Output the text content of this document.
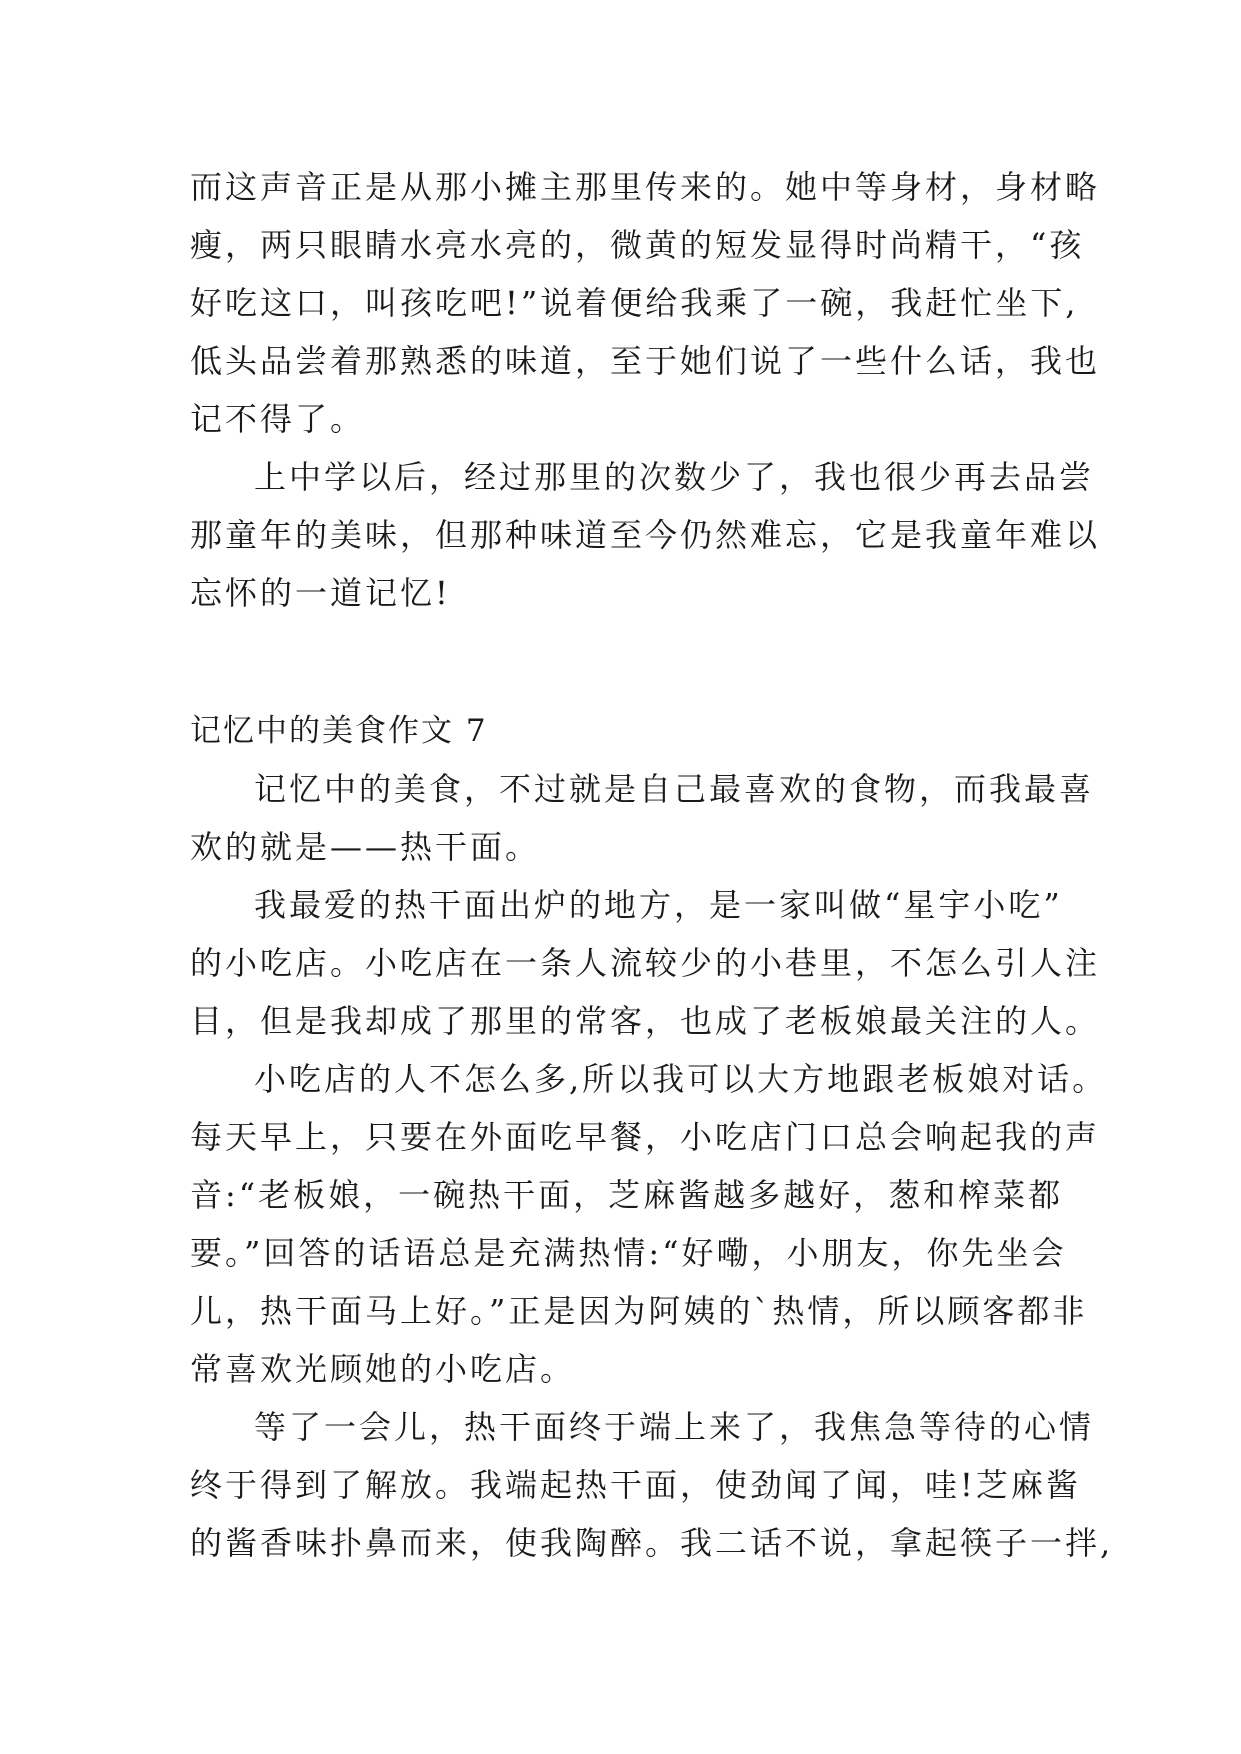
而这声音正是从那小摊主那里传来的。她中等身材，身材略
瘦，两只眼睛水亮水亮的，微黄的短发显得时尚精干，“孩
好吃这口，叫孩吃吧!”说着便给我乘了一碗，我赶忙坐下,
低头品尝着那熟悉的味道，至于她们说了一些什么话，我也
记不得了。
上中学以后，经过那里的次数少了，我也很少再去品尝
那童年的美味，但那种味道至今仍然难忘，它是我童年难以
忘怀的一道记忆!
记忆中的美食作文 7
记忆中的美食，不过就是自己最喜欢的食物，而我最喜
欢的就是——热干面。
我最爱的热干面出炉的地方，是一家叫做“星宇小吃”
的小吃店。小吃店在一条人流较少的小巷里，不怎么引人注
目，但是我却成了那里的常客，也成了老板娘最关注的人。
小吃店的人不怎么多,所以我可以大方地跟老板娘对话。
每天早上，只要在外面吃早餐，小吃店门口总会响起我的声
音:“老板娘，一碗热干面，芝麻酱越多越好，葱和榨菜都
要。”回答的话语总是充满热情:“好嘞，小朋友，你先坐会
儿，热干面马上好。”正是因为阿姨的`热情，所以顾客都非
常喜欢光顾她的小吃店。
等了一会儿，热干面终于端上来了，我焦急等待的心情
终于得到了解放。我端起热干面，使劲闻了闻，哇!芝麻酱
的酱香味扑鼻而来，使我陶醉。我二话不说，拿起筷子一拌,
